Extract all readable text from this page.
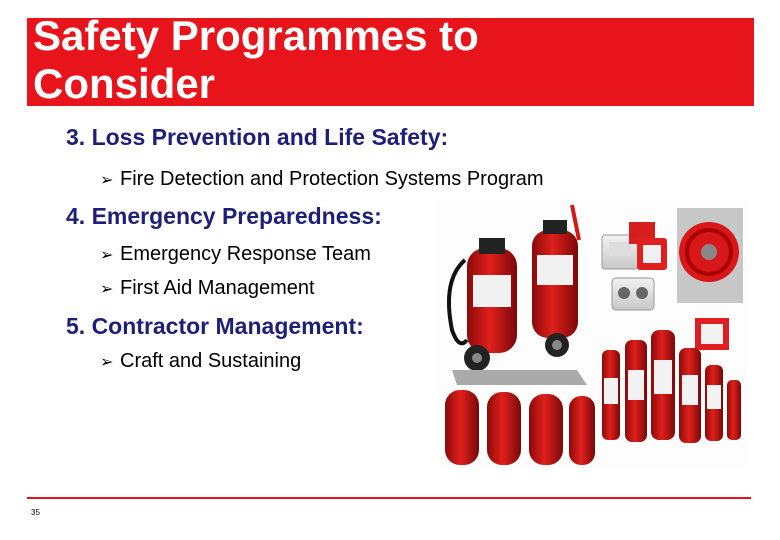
Safety Programmes to
Consider
3. Loss Prevention and Life Safety:
➢ Fire Detection and Protection Systems Program
4. Emergency Preparedness:
➢ Emergency Response Team
➢ First Aid Management
5. Contractor Management:
➢ Craft and Sustaining
35
